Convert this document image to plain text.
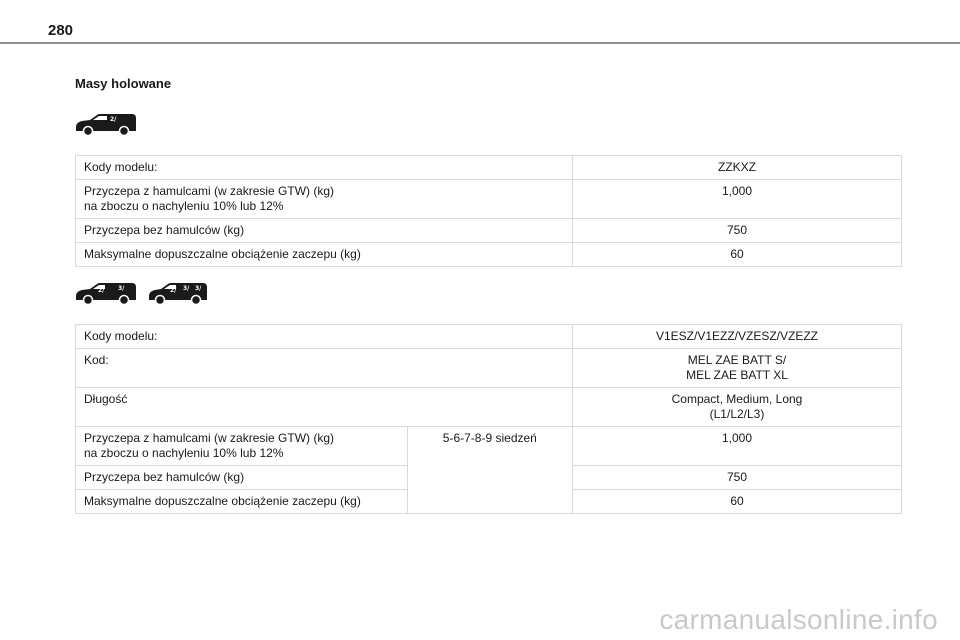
280
Masy holowane
2/
Kody modelu:	ZZKXZ
Przyczepa z hamulcami (w zakresie GTW) (kg)
na zboczu o nachyleniu 10% lub 12%	1,000
Przyczepa bez hamulców (kg)	750
Maksymalne dopuszczalne obciążenie zaczepu (kg)	60
2/ 3/	2/ 3/ 3/
Kody modelu:		V1ESZ/V1EZZ/VZESZ/VZEZZ
Kod:		MEL ZAE BATT S/
MEL ZAE BATT XL
Długość		Compact, Medium, Long
(L1/L2/L3)
Przyczepa z hamulcami (w zakresie GTW) (kg)
na zboczu o nachyleniu 10% lub 12%	5-6-7-8-9 siedzeń	1,000
Przyczepa bez hamulców (kg)		750
Maksymalne dopuszczalne obciążenie zaczepu (kg)		60
carmanualsonline.info
